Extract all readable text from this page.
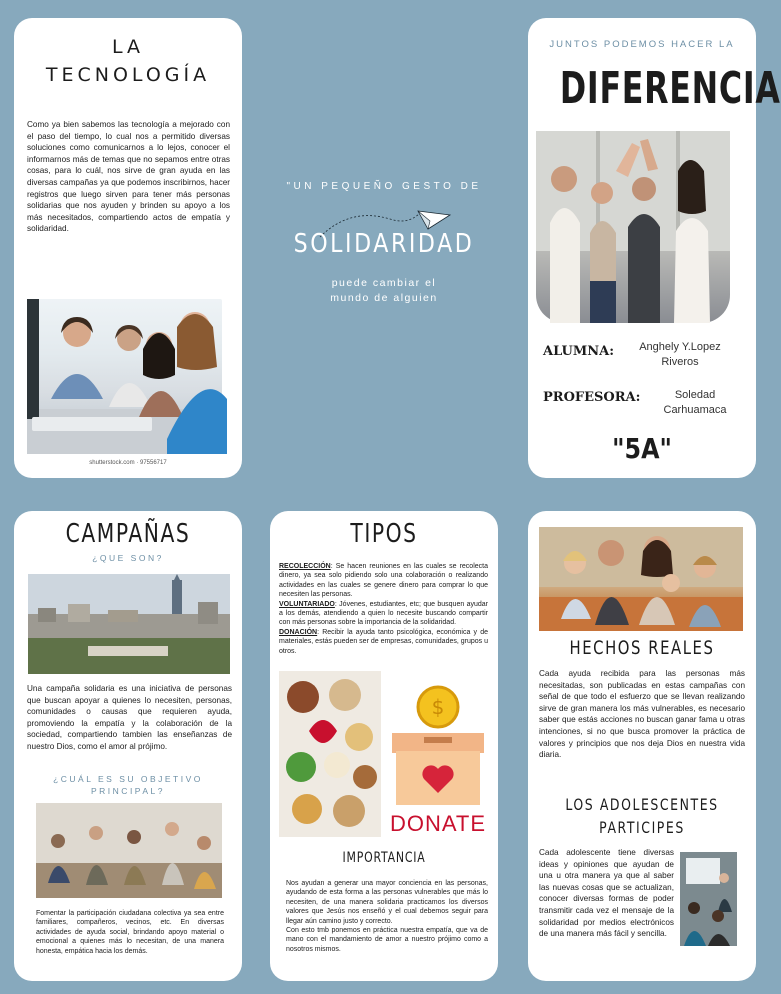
LA
TECNOLOGÍA
Como ya bien sabemos las tecnología a mejorado con el paso del tiempo, lo cual nos a permitido diversas soluciones como comunicarnos a lo lejos, conocer el informarnos más de temas que no sepamos entre otras cosas, para lo cuál, nos sirve de gran ayuda en las diversas campañas ya que podemos inscribirnos, hacer registros que luego sirven para tener más personas solidarias que nos ayuden y brinden su apoyo a los más necesitados, compartiendo actos de empatía y solidaridad.
shutterstock.com · 97556717
"UN PEQUEÑO GESTO DE
SOLIDARIDAD
puede cambiar el
mundo de alguien
JUNTOS PODEMOS HACER LA
DIFERENCIA
ALUMNA:	Anghely Y.Lopez
Riveros
PROFESORA:	Soledad
Carhuamaca
"5A"
CAMPAÑAS
¿QUE SON?
Una campaña solidaria es una iniciativa de personas que buscan apoyar a quienes lo necesiten, personas, comunidades o causas que requieren ayuda, promoviendo la empatía y la colaboración de la sociedad, compartiendo tambien las enseñanzas de nuestro Dios, como el amor al prójimo.
¿CUÁL ES SU OBJETIVO
PRINCIPAL?
Fomentar la participación ciudadana colectiva ya sea entre familiares, compañeros, vecinos, etc. En diversas actividades de ayuda social, brindando apoyo material o emocional a quienes más lo necesitan, de una manera honesta, empática hacia los demás.
TIPOS
RECOLECCIÓN: Se hacen reuniones en las cuales se recolecta dinero, ya sea solo pidiendo solo una colaboración o realizando actividades en las cuales se genere dinero para comprar lo que necesiten las personas.
VOLUNTARIADO: Jóvenes, estudiantes, etc; que busquen ayudar a los demás, atendiendo a quien lo necesite buscando compartir con más personas sobre la importancia de la solidaridad.
DONACIÓN: Recibir la ayuda tanto psicológica, económica y de materiales, estás pueden ser de empresas, comunidades, grupos u otros.
$
DONATE
IMPORTANCIA
Nos ayudan a generar una mayor conciencia en las personas, ayudando de esta forma a las personas vulnerables que más lo necesiten, de una manera solidaria practicamos los diversos valores que Jesús nos enseñó y el cual debemos seguir para llegar aún camino justo y correcto.
Con esto tmb ponemos en práctica nuestra empatía, que va de mano con el mandamiento de amor a nuestro prójimo como a nosotros mismos.
HECHOS REALES
Cada ayuda recibida para las personas más necesitadas, son publicadas en estas campañas con señal de que todo el esfuerzo que se llevan realizando sirve de gran manera los más vulnerables, es necesario saber que estás acciones no buscan ganar fama u otras intenciones, si no que busca promover la práctica de valores y principios que nos deja Dios en nuestra vida diaria.
LOS ADOLESCENTES
PARTICIPES
Cada adolescente tiene diversas ideas y opiniones que ayudan de una u otra manera ya que al saber las nuevas cosas que se actualizan, conocer diversas formas de poder transmitir cada vez el mensaje de la solidaridad por medios electrónicos de una manera más fácil y sencilla.
